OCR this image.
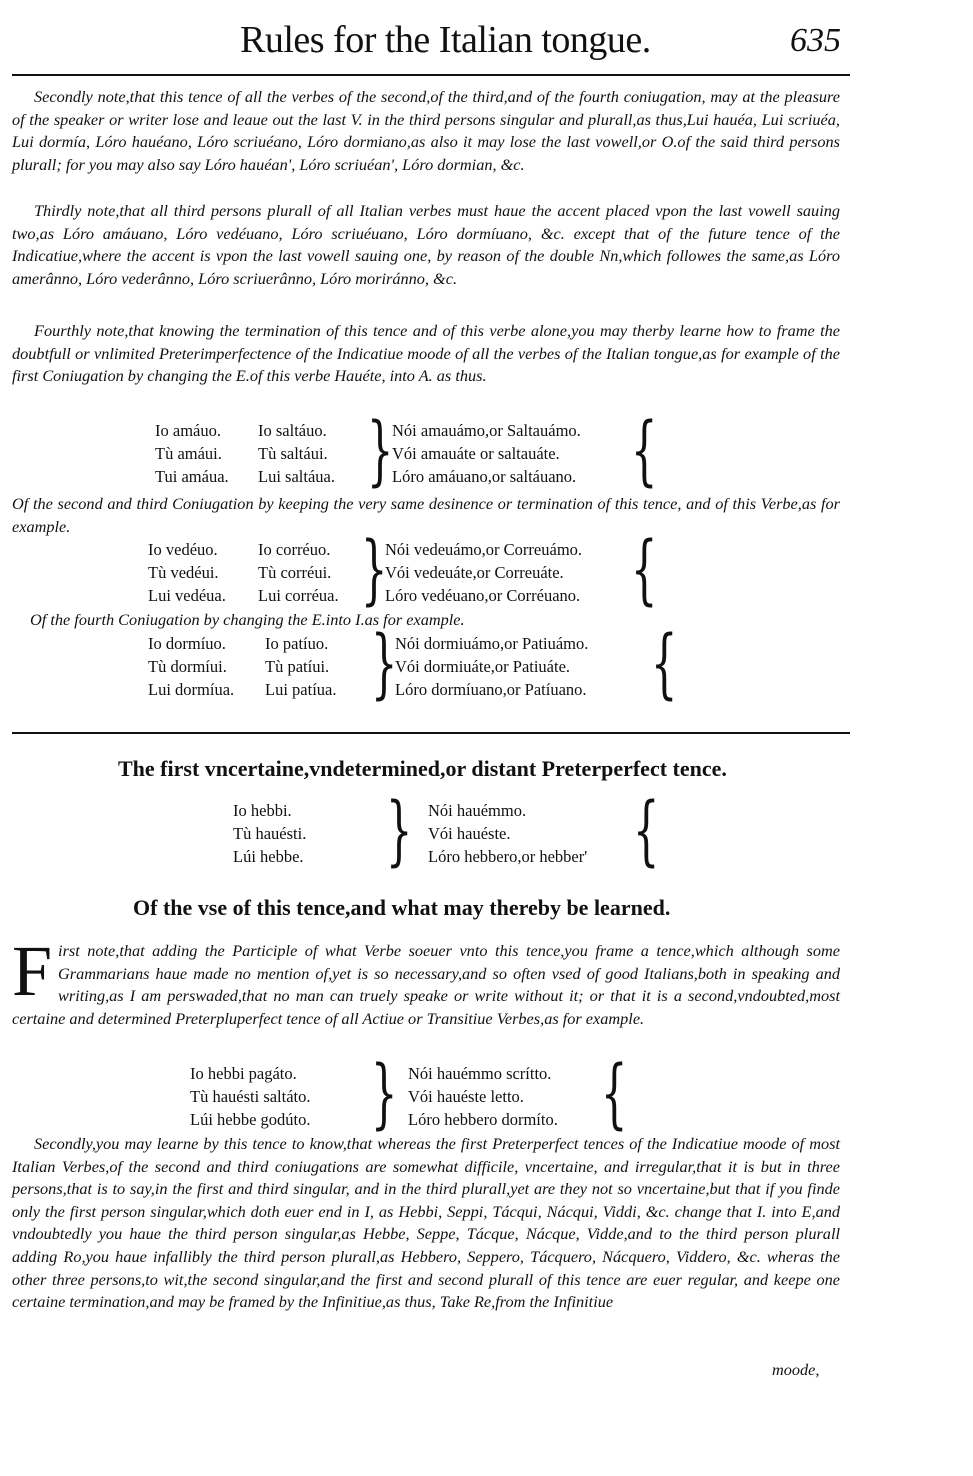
Rules for the Italian tongue.	635

Secondly note,that this tence of all the verbes of the second,of the third,and of the fourth coniugation, may at the pleasure of the speaker or writer lose and leaue out the last V. in the third persons singular and plurall,as thus,Lui hauéa, Lui scriuéa, Lui dormía, Lóro hauéano, Lóro scriuéano, Lóro dormiano,as also it may lose the last vowell,or O.of the said third persons plurall; for you may also say Lóro hauéan', Lóro scriuéan', Lóro dormian, &c.

Thirdly note,that all third persons plurall of all Italian verbes must haue the accent placed vpon the last vowell sauing two,as Lóro amáuano, Lóro vedéuano, Lóro scriuéuano, Lóro dormíuano, &c. except that of the future tence of the Indicatiue,where the accent is vpon the last vowell sauing one, by reason of the double Nn,which followes the same,as Lóro amerânno, Lóro vederânno, Lóro scriuerânno, Lóro moriránno, &c.

Fourthly note,that knowing the termination of this tence and of this verbe alone,you may therby learne how to frame the doubtfull or vnlimited Preterimperfectence of the Indicatiue moode of all the verbes of the Italian tongue,as for example of the first Coniugation by changing the E.of this verbe Hauéte, into A. as thus.

Io amáuo. Io saltáuo.	Nói amauámo,or Saltauámo.
Tù amáui. Tù saltáui.	Vói amauáte or saltauáte.
Tui amáua. Lui saltáua.	Lóro amáuano,or saltáuano.
}	{

Of the second and third Coniugation by keeping the very same desinence or termination of this tence, and of this Verbe,as for example.

Io vedéuo. Io corréuo.	Nói vedeuámo,or Correuámo.
Tù vedéui. Tù corréui.	Vói vedeuáte,or Correuáte.
Lui vedéua. Lui corréua.	Lóro vedéuano,or Corréuano.
}	{

Of the fourth Coniugation by changing the E.into I.as for example.

Io dormíuo. Io patíuo.	Nói dormiuámo,or Patiuámo.
Tù dormíui. Tù patíui.	Vói dormiuáte,or Patiuáte.
Lui dormíua. Lui patíua.	Lóro dormíuano,or Patíuano.
}	{
The first vncertaine,vndetermined,or distant Preterperfect tence.
Io hebbi.	Nói hauémmo.
Tù hauésti.	Vói hauéste.
Lúi hebbe.	Lóro hebbero,or hebber'
}	{
Of the vse of this tence,and what may thereby be learned.

First note,that adding the Participle of what Verbe soeuer vnto this tence,you frame a tence,which although some Grammarians haue made no mention of,yet is so necessary,and so often vsed of good Italians,both in speaking and writing,as I am perswaded,that no man can truely speake or write without it; or that it is a second,vndoubted,most certaine and determined Preterpluperfect tence of all Actiue or Transitiue Verbes,as for example.

Io hebbi pagáto.	Nói hauémmo scrítto.
Tù hauésti saltáto.	Vói hauéste letto.
Lúi hebbe godúto.	Lóro hebbero dormíto.
}	{

Secondly,you may learne by this tence to know,that whereas the first Preterperfect tences of the Indicatiue moode of most Italian Verbes,of the second and third coniugations are somewhat difficile, vncertaine, and irregular,that it is but in three persons,that is to say,in the first and third singular, and in the third plurall,yet are they not so vncertaine,but that if you finde only the first person singular,which doth euer end in I, as Hebbi, Seppi, Tácqui, Nácqui, Viddi, &c. change that I. into E,and vndoubtedly you haue the third person singular,as Hebbe, Seppe, Tácque, Nácque, Vidde,and to the third person plurall adding Ro,you haue infallibly the third person plurall,as Hebbero, Seppero, Tácquero, Nácquero, Viddero, &c. wheras the other three persons,to wit,the second singular,and the first and second plurall of this tence are euer regular, and keepe one certaine termination,and may be framed by the Infinitiue,as thus, Take Re,from the Infinitiue

moode,
